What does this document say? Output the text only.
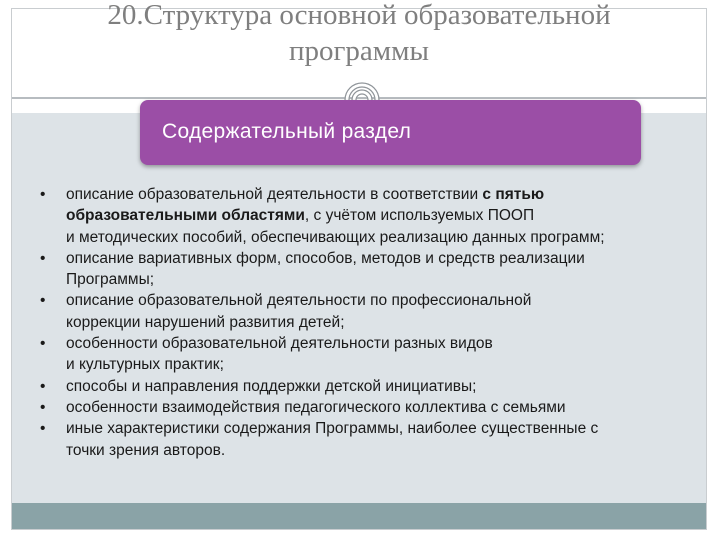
20.Структура основной образовательной
программы
Содержательный раздел
• описание образовательной деятельности в соответствии с пятью
образовательными областями, с учётом используемых ПООП
и методических пособий, обеспечивающих реализацию данных программ;
• описание вариативных форм, способов, методов и средств реализации
Программы;
• описание образовательной деятельности по профессиональной
коррекции нарушений развития детей;
• особенности образовательной деятельности разных видов
и культурных практик;
• способы и направления поддержки детской инициативы;
• особенности взаимодействия педагогического коллектива с семьями
• иные характеристики содержания Программы, наиболее существенные с
точки зрения авторов.
